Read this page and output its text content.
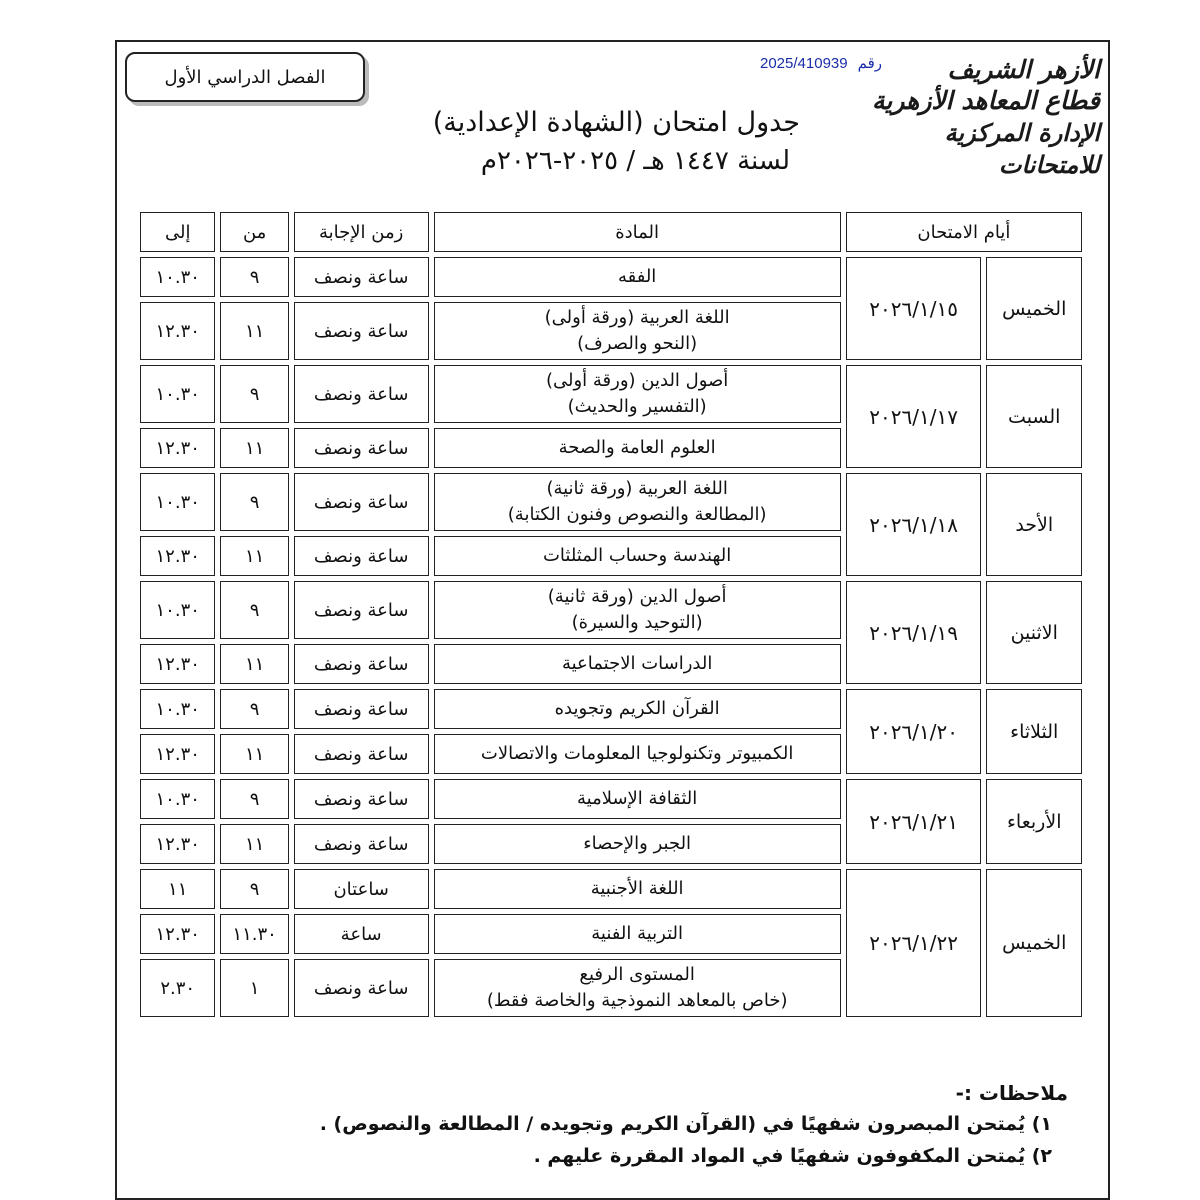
الأزهر الشريف
قطاع المعاهد الأزهرية
الإدارة المركزية للامتحانات
2025/410939 رقم
الفصل الدراسي الأول
جدول امتحان (الشهادة الإعدادية)
لسنة ١٤٤٧ هـ / ٢٠٢٥-٢٠٢٦م
أيام الامتحان		المادة	زمن الإجابة	من	إلى
الخميس	٢٠٢٦/١/١٥	الفقه	ساعة ونصف	٩	١٠.٣٠

		اللغة العربية (ورقة أولى)
(النحو والصرف)	ساعة ونصف	١١	١٢.٣٠
السبت	٢٠٢٦/١/١٧	أصول الدين (ورقة أولى)
(التفسير والحديث)	ساعة ونصف	٩	١٠.٣٠
		العلوم العامة والصحة	ساعة ونصف	١١	١٢.٣٠
الأحد	٢٠٢٦/١/١٨	اللغة العربية (ورقة ثانية)
(المطالعة والنصوص وفنون الكتابة)	ساعة ونصف	٩	١٠.٣٠
		الهندسة وحساب المثلثات	ساعة ونصف	١١	١٢.٣٠
الاثنين	٢٠٢٦/١/١٩	أصول الدين (ورقة ثانية)
(التوحيد والسيرة)	ساعة ونصف	٩	١٠.٣٠
		الدراسات الاجتماعية	ساعة ونصف	١١	١٢.٣٠
الثلاثاء	٢٠٢٦/١/٢٠	القرآن الكريم وتجويده	ساعة ونصف	٩	١٠.٣٠
		الكمبيوتر وتكنولوجيا المعلومات والاتصالات	ساعة ونصف	١١	١٢.٣٠
الأربعاء	٢٠٢٦/١/٢١	الثقافة الإسلامية	ساعة ونصف	٩	١٠.٣٠
		الجبر والإحصاء	ساعة ونصف	١١	١٢.٣٠
الخميس	٢٠٢٦/١/٢٢	اللغة الأجنبية	ساعتان	٩	١١
		التربية الفنية	ساعة	١١.٣٠	١٢.٣٠

		المستوى الرفيع
(خاص بالمعاهد النموذجية والخاصة فقط)	ساعة ونصف	١	٢.٣٠
ملاحظات :-
١) يُمتحن المبصرون شفهيًا في (القرآن الكريم وتجويده / المطالعة والنصوص) .
٢) يُمتحن المكفوفون شفهيًا في المواد المقررة عليهم .
